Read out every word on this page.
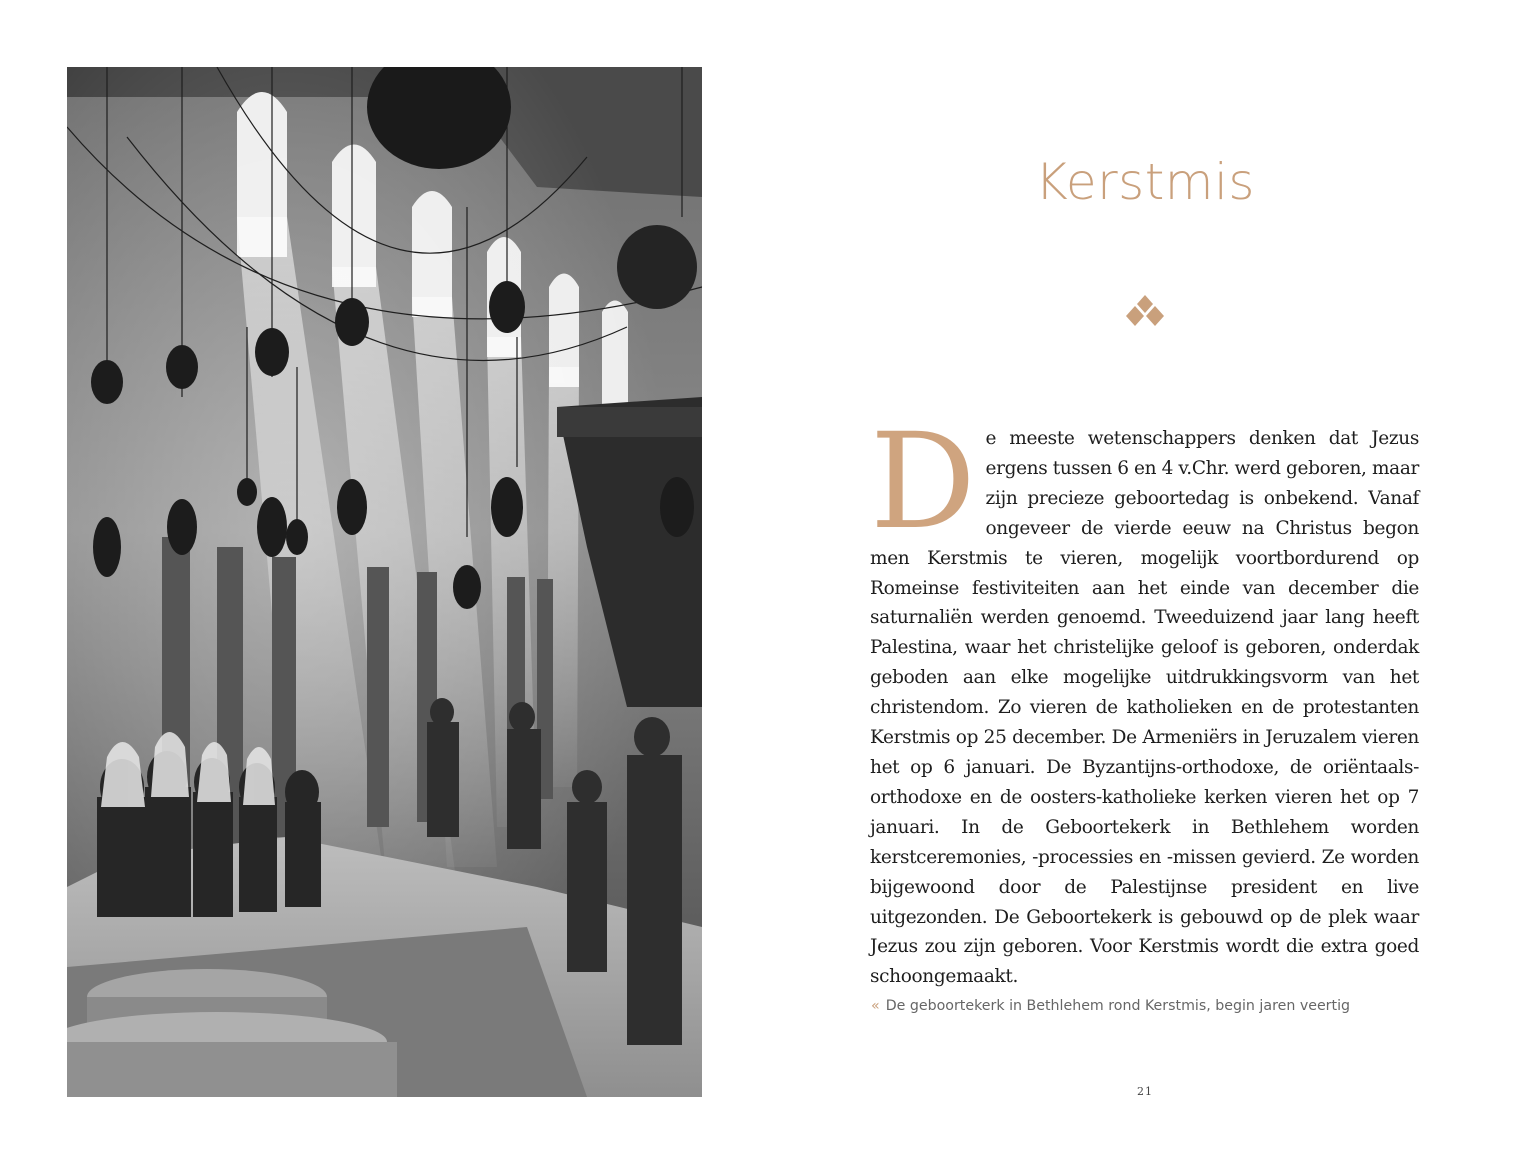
Kerstmis

De meeste wetenschappers denken dat Jezus ergens tussen 6 en 4 v.Chr. werd geboren, maar zijn precieze geboortedag is onbekend. Vanaf ongeveer de vierde eeuw na Christus begon men Kerstmis te vieren, mogelijk voortbordurend op Romeinse festiviteiten aan het einde van december die saturnaliën werden genoemd. Tweeduizend jaar lang heeft Palestina, waar het christelijke geloof is geboren, onderdak geboden aan elke mogelijke uitdrukkingsvorm van het christendom. Zo vieren de katholieken en de protestanten Kerstmis op 25 december. De Armeniërs in Jeruzalem vieren het op 6 januari. De Byzantijns-orthodoxe, de oriëntaals-orthodoxe en de oosters-katholieke kerken vieren het op 7 januari. In de Geboortekerk in Bethlehem worden kerstceremonies, -processies en -missen gevierd. Ze worden bijgewoond door de Palestijnse president en live uitgezonden. De Geboortekerk is gebouwd op de plek waar Jezus zou zijn geboren. Voor Kerstmis wordt die extra goed schoongemaakt.

« De geboortekerk in Bethlehem rond Kerstmis, begin jaren veertig
21
